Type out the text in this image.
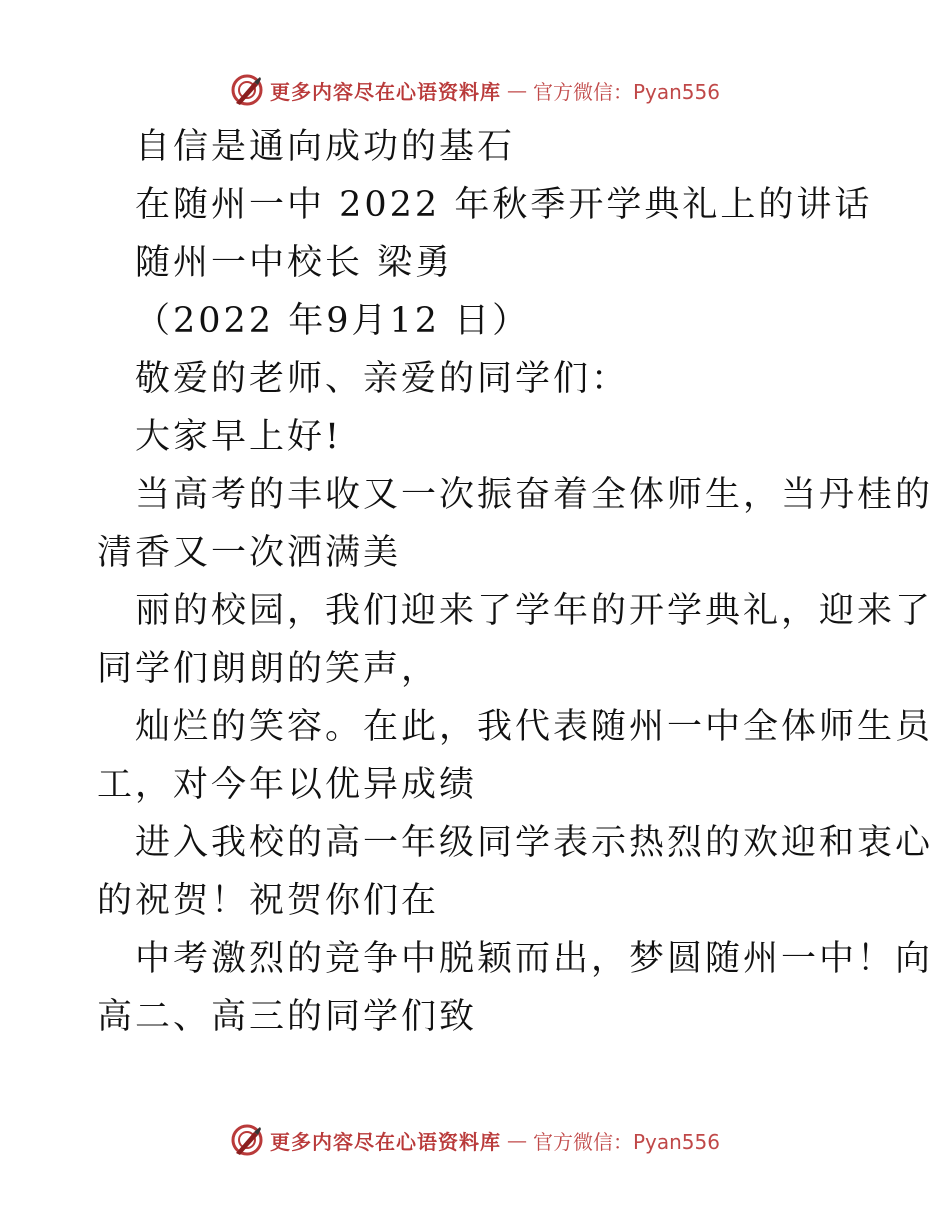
更多内容尽在心语资料库 — 官方微信：Pyan556
自信是通向成功的基石
在随州一中 2022 年秋季开学典礼上的讲话
随州一中校长 梁勇
（2022 年9月12 日）
敬爱的老师、亲爱的同学们：
大家早上好!
当高考的丰收又一次振奋着全体师生，当丹桂的
清香又一次洒满美
丽的校园，我们迎来了学年的开学典礼，迎来了
同学们朗朗的笑声，
灿烂的笑容。在此，我代表随州一中全体师生员
工，对今年以优异成绩
进入我校的高一年级同学表示热烈的欢迎和衷心
的祝贺！祝贺你们在
中考激烈的竞争中脱颖而出，梦圆随州一中！向
高二、高三的同学们致
更多内容尽在心语资料库 — 官方微信：Pyan556
